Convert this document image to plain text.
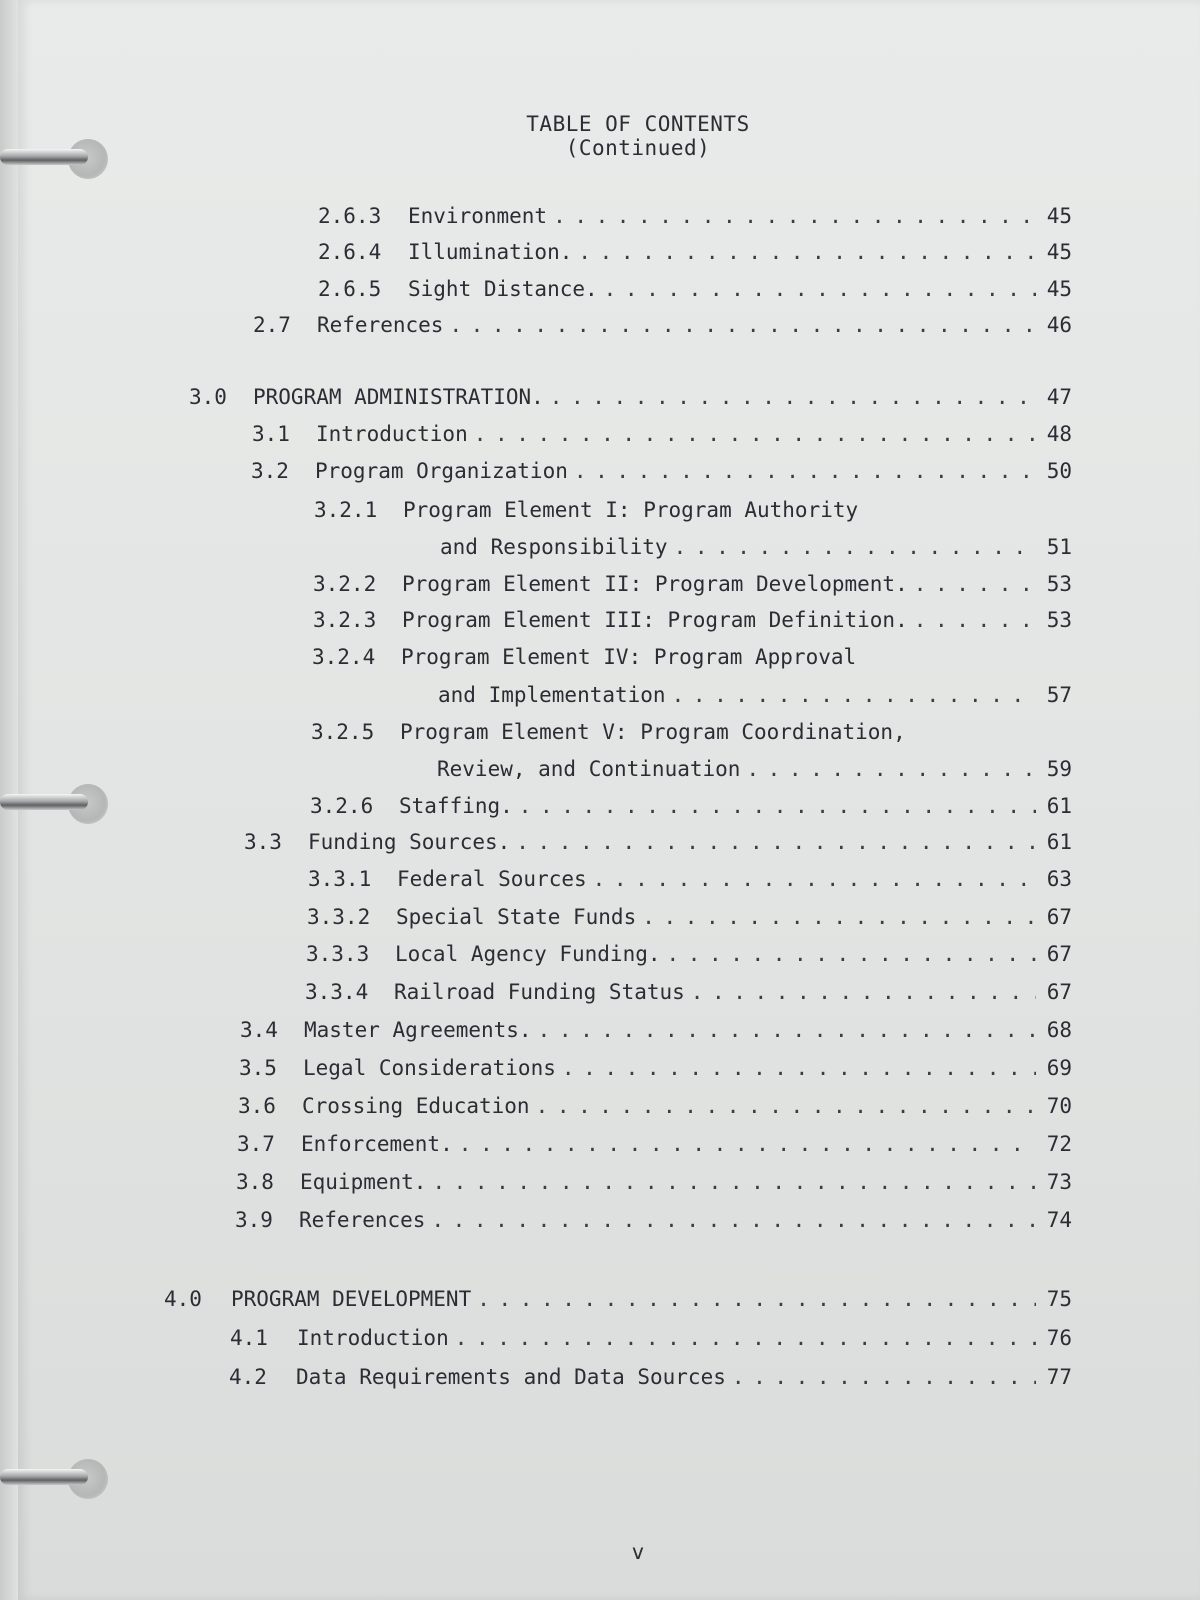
TABLE OF CONTENTS
(Continued)
2.6.3	Environment .....	45
2.6.4	Illumination. .....	45
2.6.5	Sight Distance. .....	45
2.7	References .....	46
3.0	PROGRAM ADMINISTRATION. .....	47
3.1	Introduction .....	48
3.2	Program Organization .....	50
3.2.1 Program Element I: Program Authority
and Responsibility .....	51
3.2.2	Program Element II: Program Development. .....	53
3.2.3	Program Element III: Program Definition. .....	53
3.2.4 Program Element IV: Program Approval
and Implementation .....	57
3.2.5 Program Element V: Program Coordination,
Review, and Continuation .....	59
3.2.6	Staffing. .....	61
3.3	Funding Sources. .....	61
3.3.1	Federal Sources .....	63
3.3.2	Special State Funds .....	67
3.3.3	Local Agency Funding. .....	67
3.3.4	Railroad Funding Status .....	67
3.4	Master Agreements. .....	68
3.5	Legal Considerations .....	69
3.6	Crossing Education .....	70
3.7	Enforcement. .....	72
3.8	Equipment. .....	73
3.9	References .....	74
4.0	PROGRAM DEVELOPMENT .....	75
4.1	Introduction .....	76
4.2	Data Requirements and Data Sources .....	77
v
